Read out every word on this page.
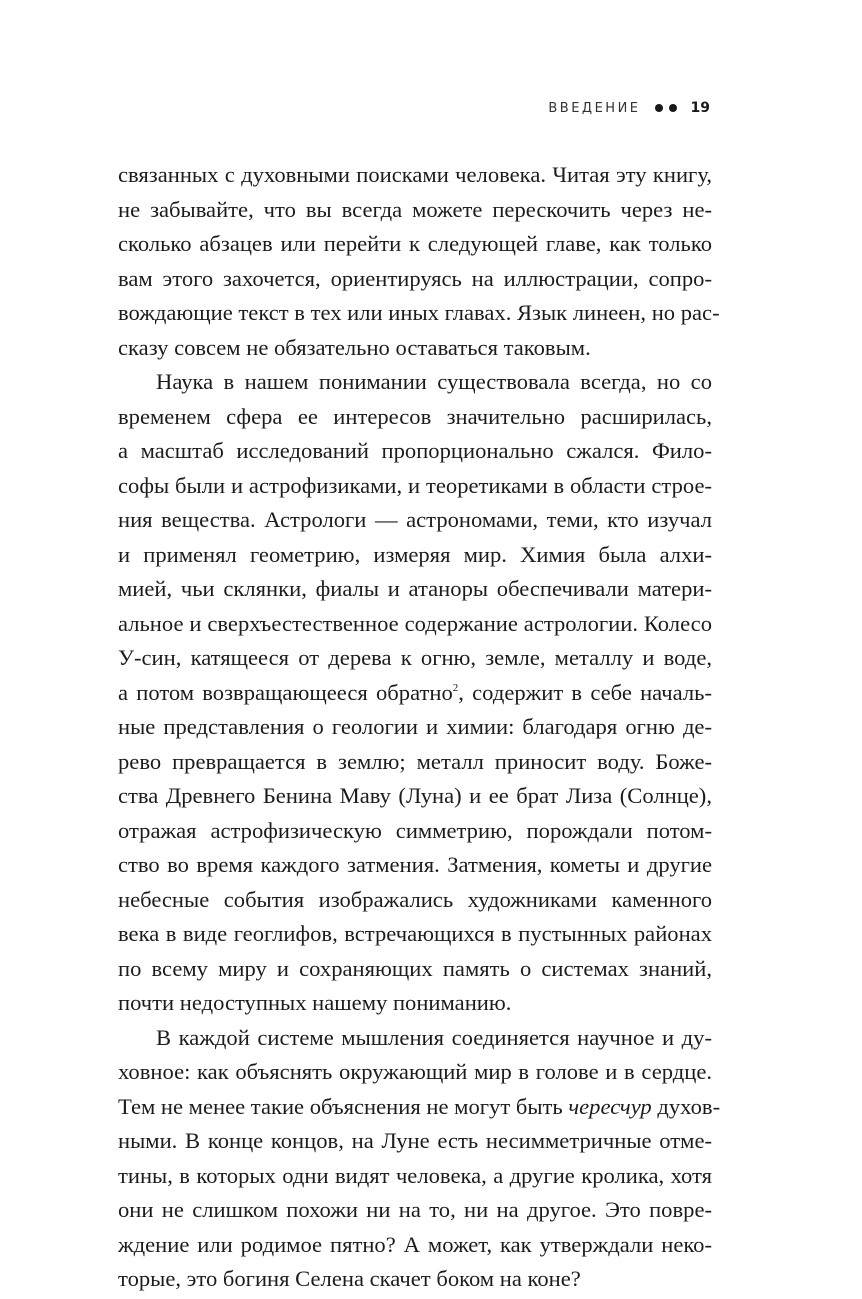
ВВЕДЕНИЕ	19
связанных с духовными поисками человека. Читая эту книгу,
не забывайте, что вы всегда можете перескочить через не-
сколько абзацев или перейти к следующей главе, как только
вам этого захочется, ориентируясь на иллюстрации, сопро-
вождающие текст в тех или иных главах. Язык линеен, но рас-
сказу совсем не обязательно оставаться таковым.
Наука в нашем понимании существовала всегда, но со
временем сфера ее интересов значительно расширилась,
а масштаб исследований пропорционально сжался. Фило-
софы были и астрофизиками, и теоретиками в области строе-
ния вещества. Астрологи — астрономами, теми, кто изучал
и применял геометрию, измеряя мир. Химия была алхи-
мией, чьи склянки, фиалы и атаноры обеспечивали матери-
альное и сверхъестественное содержание астрологии. Колесо
У-син, катящееся от дерева к огню, земле, металлу и воде,
а потом возвращающееся обратно$^2$, содержит в себе началь-
ные представления о геологии и химии: благодаря огню де-
рево превращается в землю; металл приносит воду. Боже-
ства Древнего Бенина Маву (Луна) и ее брат Лиза (Солнце),
отражая астрофизическую симметрию, порождали потом-
ство во время каждого затмения. Затмения, кометы и другие
небесные события изображались художниками каменного
века в виде геоглифов, встречающихся в пустынных районах
по всему миру и сохраняющих память о системах знаний,
почти недоступных нашему пониманию.
В каждой системе мышления соединяется научное и ду-
ховное: как объяснять окружающий мир в голове и в сердце.
Тем не менее такие объяснения не могут быть чересчур духов-
ными. В конце концов, на Луне есть несимметричные отме-
тины, в которых одни видят человека, а другие кролика, хотя
они не слишком похожи ни на то, ни на другое. Это повре-
ждение или родимое пятно? А может, как утверждали неко-
торые, это богиня Селена скачет боком на коне?
